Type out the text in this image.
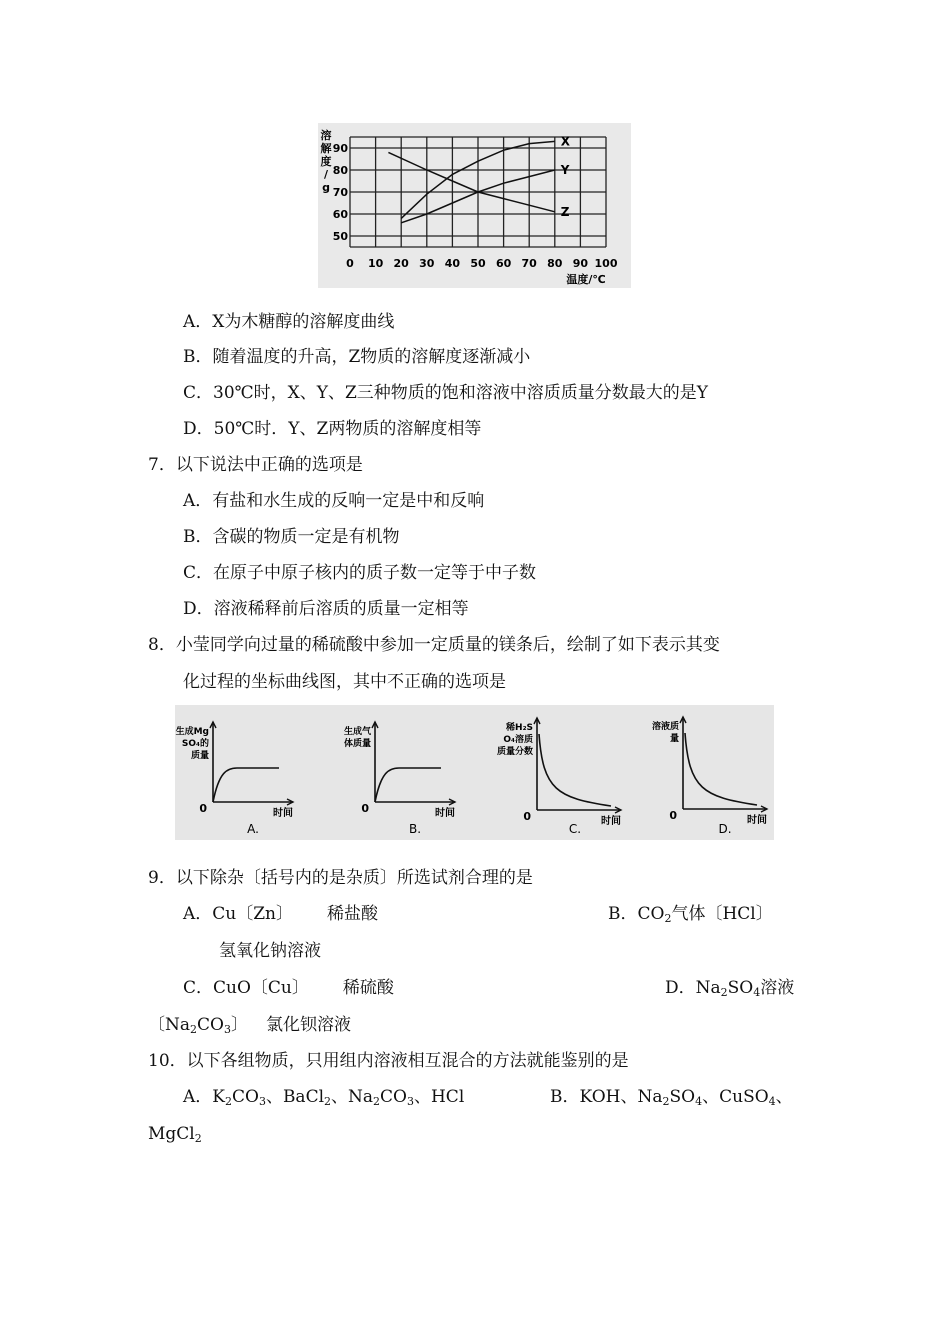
50
60
70
80
90
0 10 20 30 40 50 60 70 80 90 100
溶
解
度
/
g
温度/℃
X
Y
Z
A．X为木糖醇的溶解度曲线
B．随着温度的升高，Z物质的溶解度逐渐减小
C．30℃时，X、Y、Z三种物质的饱和溶液中溶质质量分数最大的是Y
D．50℃时．Y、Z两物质的溶解度相等
7．以下说法中正确的选项是
A．有盐和水生成的反响一定是中和反响
B．含碳的物质一定是有机物
C．在原子中原子核内的质子数一定等于中子数
D．溶液稀释前后溶质的质量一定相等
8．小莹同学向过量的稀硫酸中参加一定质量的镁条后，绘制了如下表示其变
化过程的坐标曲线图，其中不正确的选项是
0	时间
生成Mg
SO₄的
质量
A.
0	时间
生成气
体质量
B.
0	时间
稀H₂S
O₄溶质
质量分数
C.
0	时间
溶液质
量
D.
9．以下除杂〔括号内的是杂质〕所选试剂合理的是
A．Cu〔Zn〕 稀盐酸	B．$CO_2$气体〔HCl〕
氢氧化钠溶液
C．CuO〔Cu〕 稀硫酸	D．$Na_2SO_4$溶液
〔$Na_2CO_3$〕 氯化钡溶液
10．以下各组物质，只用组内溶液相互混合的方法就能鉴别的是
A．$K_2CO_3$、BaCl$_2$、$Na_2CO_3$、HCl	B．KOH、$Na_2SO_4$、CuSO$_4$、
MgCl$_2$
